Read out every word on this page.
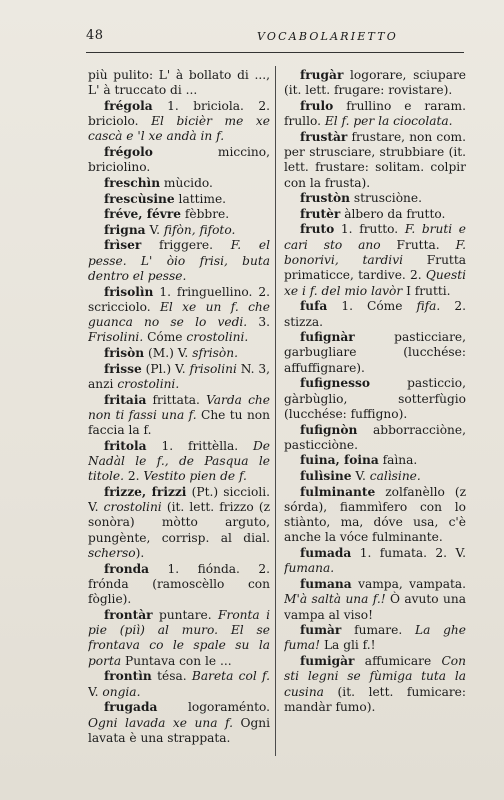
48	VOCABOLARIETTO

più pulito: L' à bollato di ..., L' à truccato di ...

frégola 1. briciola. 2. briciolo. El bicièr me xe cascà e 'l xe andà in f.

frégolo miccino, briciolino.

freschìn mùcido.

frescùsine lattime.

fréve, févre fèbbre.

frigna V. fifòn, fifoto.

frìser friggere. F. el pesse. L' òio frisi, buta dentro el pesse.

frisolìn 1. fringuellino. 2. scricciolo. El xe un f. che guanca no se lo vedi. 3. Frisolini. Cóme crostolini.

frisòn (M.) V. sfrisòn.

frisse (Pl.) V. frisolini N. 3, anzi crostolini.

fritaia frittata. Varda che non ti fassi una f. Che tu non faccia la f.

fritola 1. frittèlla. De Nadàl le f., de Pasqua le titole. 2. Vestito pien de f.

frizze, frizzi (Pt.) siccioli. V. crostolini (it. lett. frizzo (z sonòra) mòtto arguto, pungènte, corrisp. al dial. scherso).

fronda 1. fiónda. 2. frónda (ramoscèllo con fòglie).

frontàr puntare. Fronta i pie (piì) al muro. El se frontava co le spale su la porta Puntava con le ...

frontìn tésa. Bareta col f. V. ongia.

frugada logoraménto. Ogni lavada xe una f. Ogni lavata è una strappata.

frugàr logorare, sciupare (it. lett. frugare: rovistare).

frulo frullino e raram. frullo. El f. per la ciocolata.

frustàr frustare, non com. per strusciare, strubbiare (it. lett. frustare: solitam. colpir con la frusta).

frustòn strusciòne.

frutèr àlbero da frutto.

fruto 1. frutto. F. bruti e cari sto ano Frutta. F. bonorivi, tardivi Frutta primaticce, tardive. 2. Questi xe i f. del mio lavòr I frutti.

fufa 1. Cóme fifa. 2. stizza.

fufignàr pasticciare, garbugliare (lucchése: affuffignare).

fufignesso pasticcio, gàrbùglio, sotterfùgio (lucchése: fuffigno).

fufignòn abborracciòne, pasticciòne.

fuina, foina faìna.

fulìsine V. calìsine.

fulminante zolfanèllo (z sórda), fiammìfero con lo stiànto, ma, dóve usa, c'è anche la vóce fulminante.

fumada 1. fumata. 2. V. fumana.

fumana vampa, vampata. M'à saltà una f.! Ò avuto una vampa al viso!

fumàr fumare. La ghe fuma! La gli f.!

fumigàr affumicare Con sti legni se fùmiga tuta la cusina (it. lett. fumicare: mandàr fumo).
